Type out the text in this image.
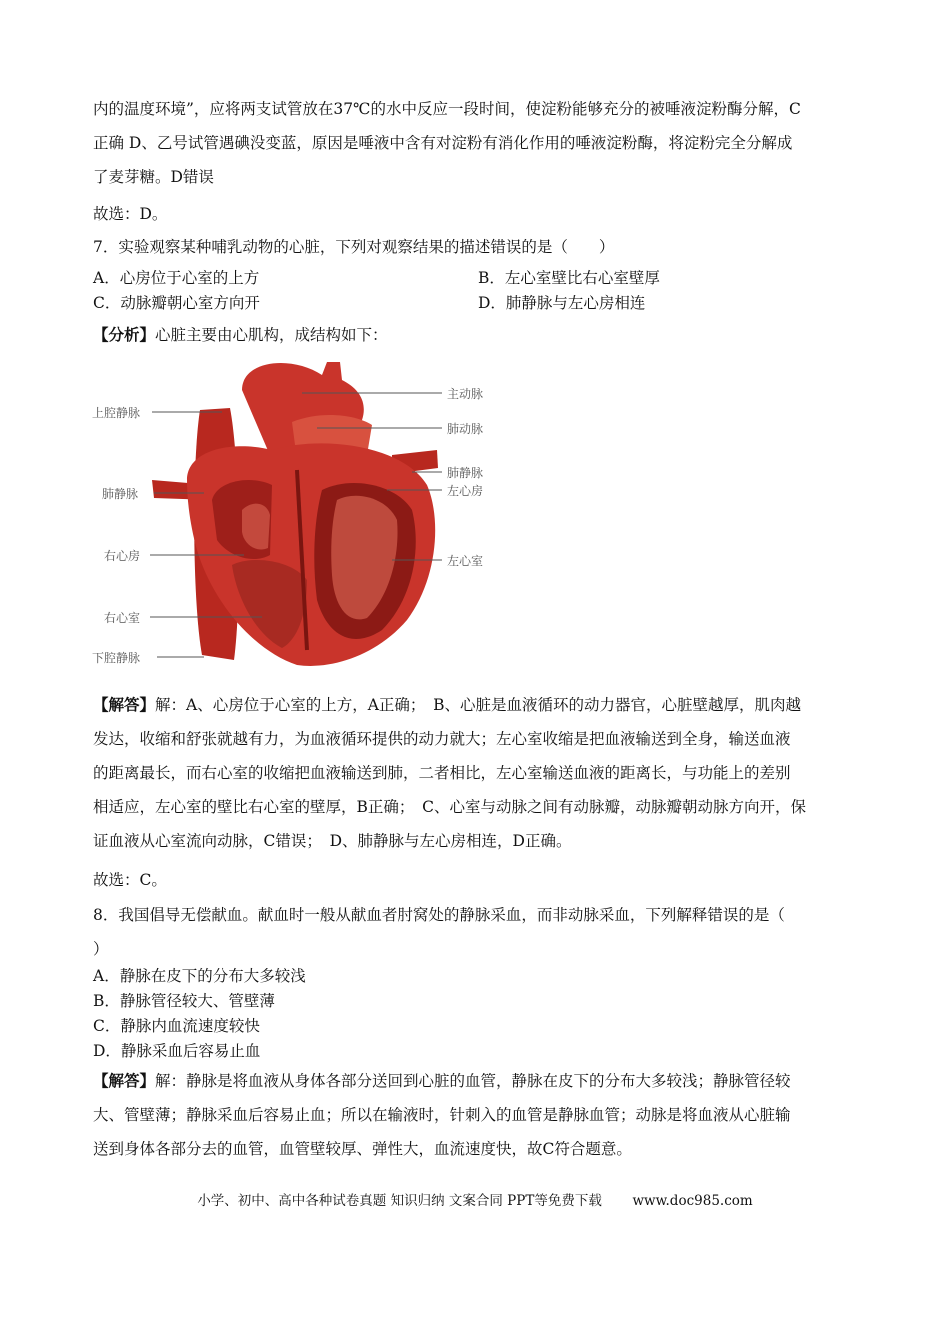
内的温度环境”，应将两支试管放在37℃的水中反应一段时间，使淀粉能够充分的被唾液淀粉酶分解，C
正确 D、乙号试管遇碘没变蓝，原因是唾液中含有对淀粉有消化作用的唾液淀粉酶，将淀粉完全分解成
了麦芽糖。D错误
故选：D。
7．实验观察某种哺乳动物的心脏，下列对观察结果的描述错误的是（　　）
A．心房位于心室的上方	B．左心室壁比右心室壁厚
C．动脉瓣朝心室方向开	D．肺静脉与左心房相连
【分析】心脏主要由心肌构，成结构如下：
上腔静脉
主动脉
肺动脉
肺静脉
肺静脉
左心房
右心房	左心室
右心室
下腔静脉
【解答】解：A、心房位于心室的上方，A正确；　B、心脏是血液循环的动力器官，心脏壁越厚，肌肉越
发达，收缩和舒张就越有力，为血液循环提供的动力就大；左心室收缩是把血液输送到全身，输送血液
的距离最长，而右心室的收缩把血液输送到肺，二者相比，左心室输送血液的距离长，与功能上的差别
相适应，左心室的壁比右心室的壁厚，B正确；　C、心室与动脉之间有动脉瓣，动脉瓣朝动脉方向开，保
证血液从心室流向动脉，C错误；　D、肺静脉与左心房相连，D正确。
故选：C。
8．我国倡导无偿献血。献血时一般从献血者肘窝处的静脉采血，而非动脉采血，下列解释错误的是（
）
A．静脉在皮下的分布大多较浅
B．静脉管径较大、管壁薄
C．静脉内血流速度较快
D．静脉采血后容易止血
【解答】解：静脉是将血液从身体各部分送回到心脏的血管，静脉在皮下的分布大多较浅；静脉管径较
大、管壁薄；静脉采血后容易止血；所以在输液时，针刺入的血管是静脉血管；动脉是将血液从心脏输
送到身体各部分去的血管，血管壁较厚、弹性大，血流速度快，故C符合题意。
小学、初中、高中各种试卷真题 知识归纳 文案合同 PPT等免费下载 www.doc985.com
